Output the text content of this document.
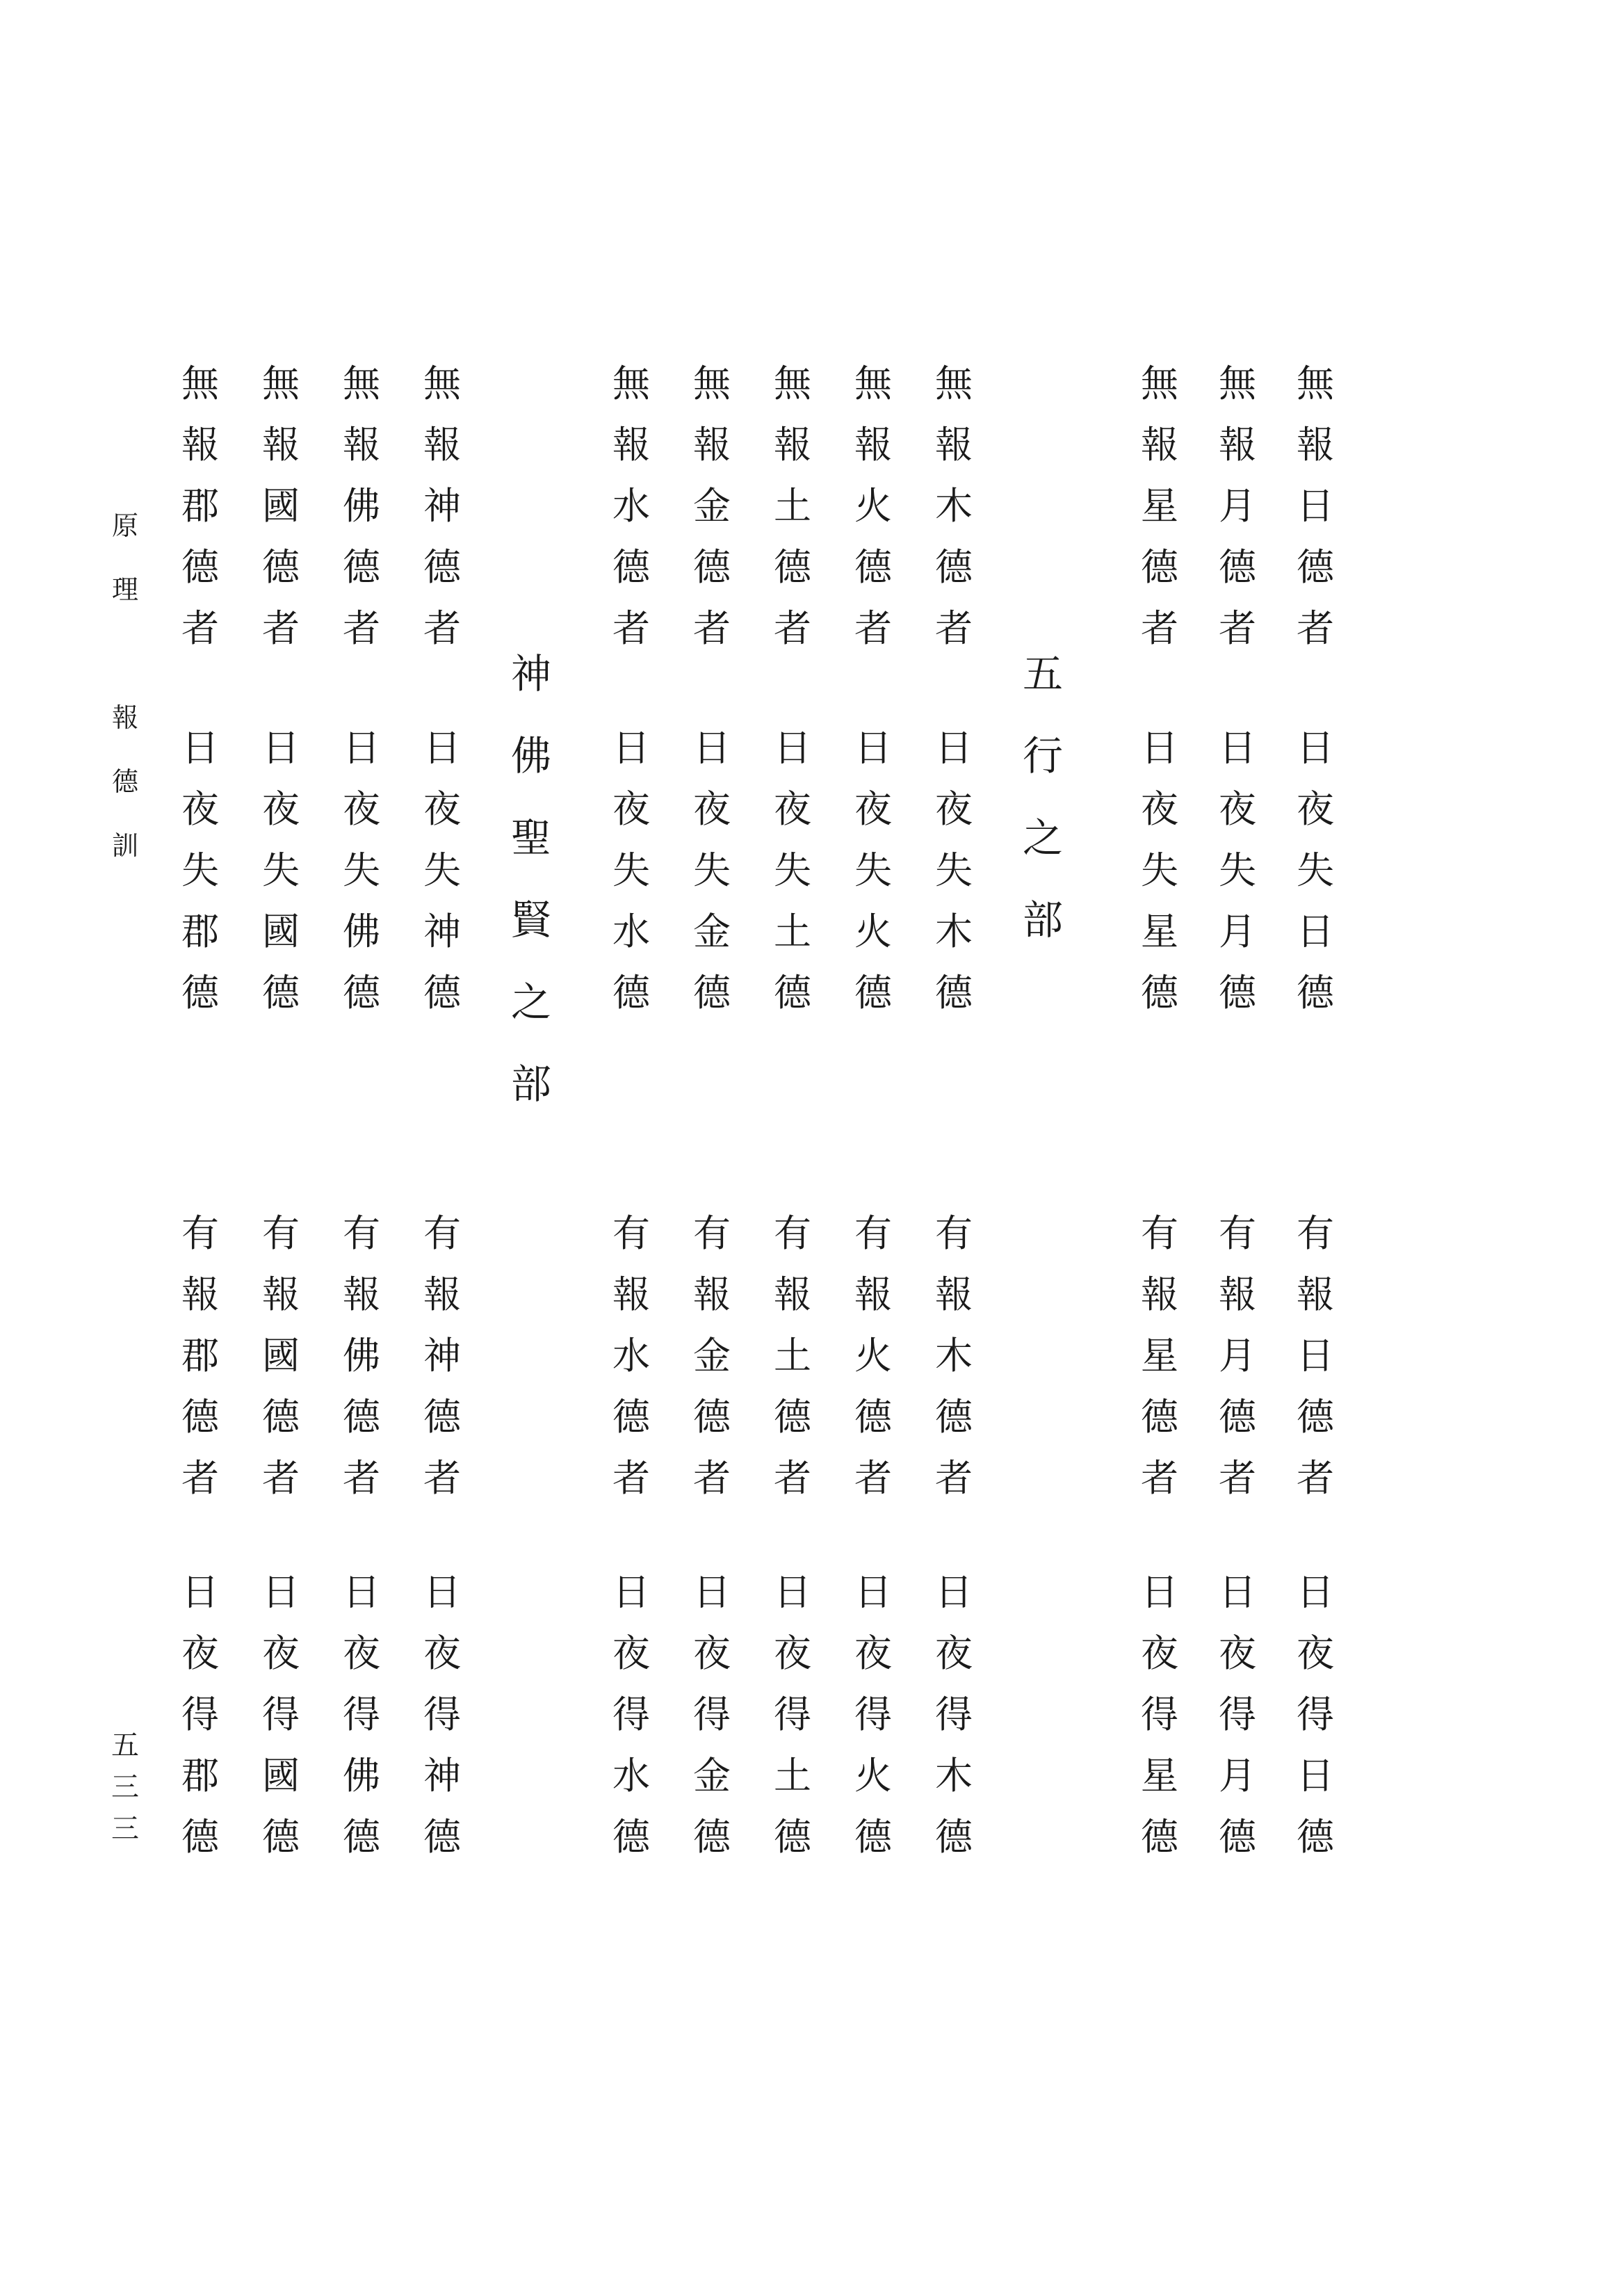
無
報
日
德
者
日
夜
失
日
德
無
報
月
德
者
日
夜
失
月
德
無
報
星
德
者
日
夜
失
星
德
有
報
日
德
者
日
夜
得
日
德
有
報
月
德
者
日
夜
得
月
德
有
報
星
德
者
日
夜
得
星
德
五
行
之
部
無
報
木
德
者
日
夜
失
木
德
無
報
火
德
者
日
夜
失
火
德
無
報
土
德
者
日
夜
失
土
德
無
報
金
德
者
日
夜
失
金
德
無
報
水
德
者
日
夜
失
水
德
有
報
木
德
者
日
夜
得
木
德
有
報
火
德
者
日
夜
得
火
德
有
報
土
德
者
日
夜
得
土
德
有
報
金
德
者
日
夜
得
金
德
有
報
水
德
者
日
夜
得
水
德
神
佛
聖
賢
之
部
無
報
神
德
者
日
夜
失
神
德
無
報
佛
德
者
日
夜
失
佛
德
無
報
國
德
者
日
夜
失
國
德
無
報
郡
德
者
日
夜
失
郡
德
有
報
神
德
者
日
夜
得
神
德
有
報
佛
德
者
日
夜
得
佛
德
有
報
國
德
者
日
夜
得
國
德
有
報
郡
德
者
日
夜
得
郡
德
原
理

報
德
訓
五
三
三
